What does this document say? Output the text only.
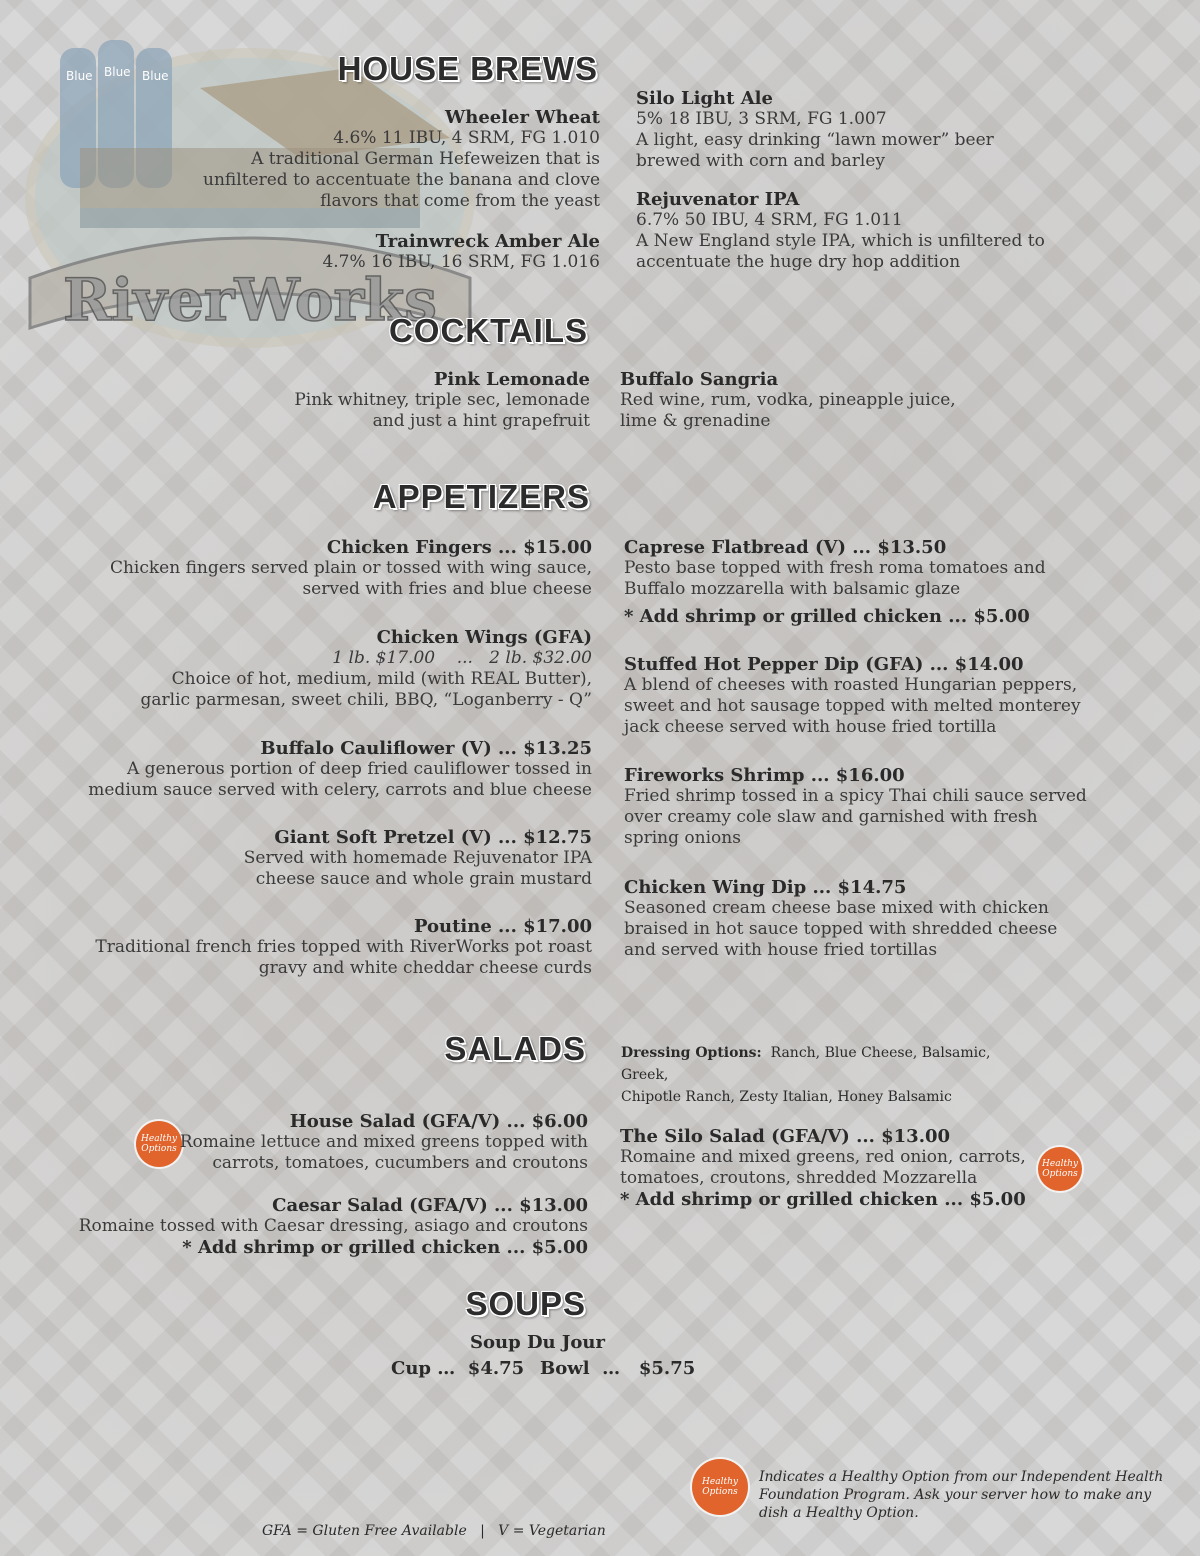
Blue Blue Blue
RiverWorks
HOUSE BREWS
Wheeler Wheat
4.6% 11 IBU, 4 SRM, FG 1.010
A traditional German Hefeweizen that is
unfiltered to accentuate the banana and clove
flavors that come from the yeast
Trainwreck Amber Ale
4.7% 16 IBU, 16 SRM, FG 1.016
Silo Light Ale
5% 18 IBU, 3 SRM, FG 1.007
A light, easy drinking “lawn mower” beer
brewed with corn and barley
Rejuvenator IPA
6.7% 50 IBU, 4 SRM, FG 1.011
A New England style IPA, which is unfiltered to
accentuate the huge dry hop addition
COCKTAILS
Pink Lemonade
Pink whitney, triple sec, lemonade
and just a hint grapefruit
Buffalo Sangria
Red wine, rum, vodka, pineapple juice,
lime & grenadine
APPETIZERS
Chicken Fingers ... $15.00
Chicken fingers served plain or tossed with wing sauce,
served with fries and blue cheese
Chicken Wings (GFA)
1 lb. $17.00    ...   2 lb. $32.00
Choice of hot, medium, mild (with REAL Butter),
garlic parmesan, sweet chili, BBQ, “Loganberry - Q”
Buffalo Cauliflower (V) ... $13.25
A generous portion of deep fried cauliflower tossed in
medium sauce served with celery, carrots and blue cheese
Giant Soft Pretzel (V) ... $12.75
Served with homemade Rejuvenator IPA
cheese sauce and whole grain mustard
Poutine ... $17.00
Traditional french fries topped with RiverWorks pot roast
gravy and white cheddar cheese curds
Caprese Flatbread (V) ... $13.50
Pesto base topped with fresh roma tomatoes and
Buffalo mozzarella with balsamic glaze
* Add shrimp or grilled chicken ... $5.00
Stuffed Hot Pepper Dip (GFA) ... $14.00
A blend of cheeses with roasted Hungarian peppers,
sweet and hot sausage topped with melted monterey
jack cheese served with house fried tortilla
Fireworks Shrimp ... $16.00
Fried shrimp tossed in a spicy Thai chili sauce served
over creamy cole slaw and garnished with fresh
spring onions
Chicken Wing Dip ... $14.75
Seasoned cream cheese base mixed with chicken
braised in hot sauce topped with shredded cheese
and served with house fried tortillas
SALADS	Dressing Options: Ranch, Blue Cheese, Balsamic, Greek,
Chipotle Ranch, Zesty Italian, Honey Balsamic
Healthy Options
House Salad (GFA/V) ... $6.00
Romaine lettuce and mixed greens topped with
carrots, tomatoes, cucumbers and croutons
Caesar Salad (GFA/V) ... $13.00
Romaine tossed with Caesar dressing, asiago and croutons
* Add shrimp or grilled chicken ... $5.00
The Silo Salad (GFA/V) ... $13.00
Romaine and mixed greens, red onion, carrots,
tomatoes, croutons, shredded Mozzarella
* Add shrimp or grilled chicken ... $5.00
Healthy Options
SOUPS
Soup Du Jour
Cup …  $4.75 Bowl  …   $5.75
Healthy Options
Indicates a Healthy Option from our Independent Health
Foundation Program. Ask your server how to make any
dish a Healthy Option.
GFA = Gluten Free Available   |   V = Vegetarian
